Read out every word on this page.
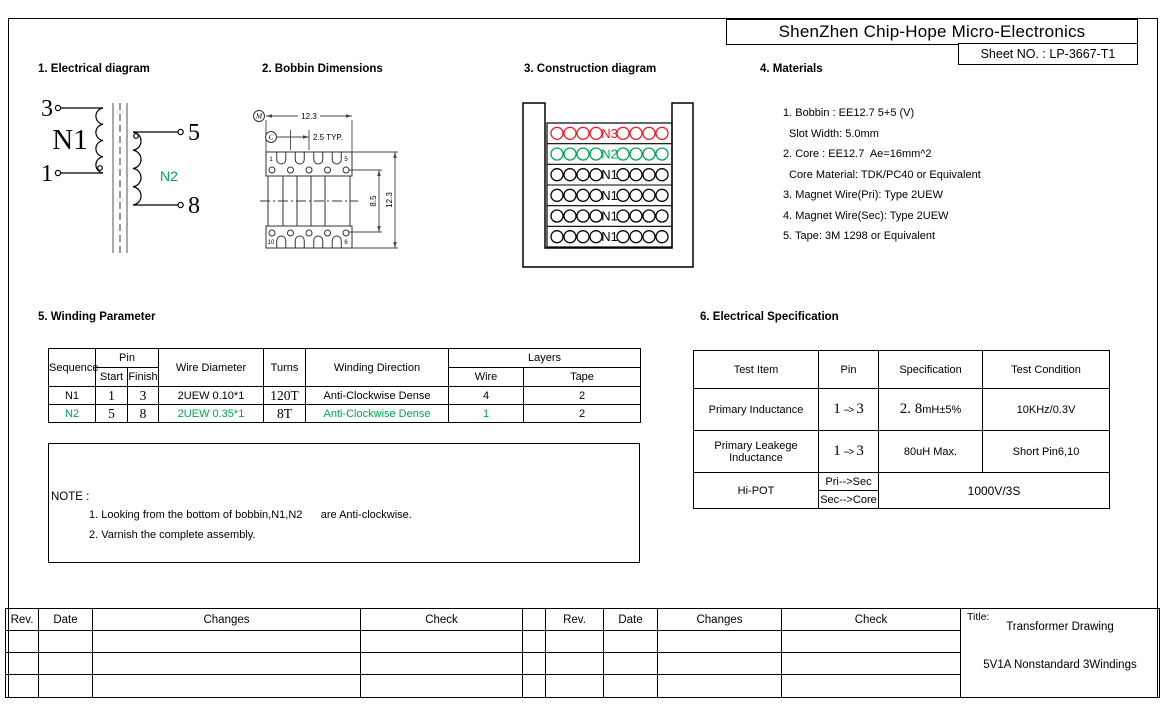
ShenZhen Chip-Hope Micro-Electronics
Sheet NO. : LP-3667-T1
1. Electrical diagram	2. Bobbin Dimensions	3. Construction diagram	4. Materials
5. Winding Parameter	6. Electrical Specification
3
1
N1	5
8
N2
M
C
12.3
2.5 TYP.
8.5 12.3
1	5
10	6
N3
N2
N1
N1
N1
N1
1. Bobbin : EE12.7 5+5 (V)
Slot Width: 5.0mm
2. Core : EE12.7  Ae=16mm^2
Core Material: TDK/PC40 or Equivalent
3. Magnet Wire(Pri): Type 2UEW
4. Magnet Wire(Sec): Type 2UEW
5. Tape: 3M 1298 or Equivalent
Sequence	Pin		Wire Diameter	Turns	Winding Direction	Layers	
	Start	Finish				Wire	Tape
N1	1	3	2UEW 0.10*1	120T	Anti-Clockwise Dense	4	2
N2	5	8	2UEW 0.35*1	8T	Anti-Clockwise Dense	1	2
NOTE :
1. Looking from the bottom of bobbin,N1,N2      are Anti-clockwise.
2. Varnish the complete assembly.
Test Item	Pin	Specification	Test Condition
Primary Inductance	1 --> 3	2. 8mH±5%	10KHz/0.3V
Primary Leakege Inductance	1 --> 3	80uH Max.	Short Pin6,10
Hi-POT	Pri-->Sec	1000V/3S	
	Sec-->Core		
Rev.	Date	Changes	Check		Rev.	Date	Changes	Check	Title:
Transformer Drawing
5V1A Nonstandard 3Windings
